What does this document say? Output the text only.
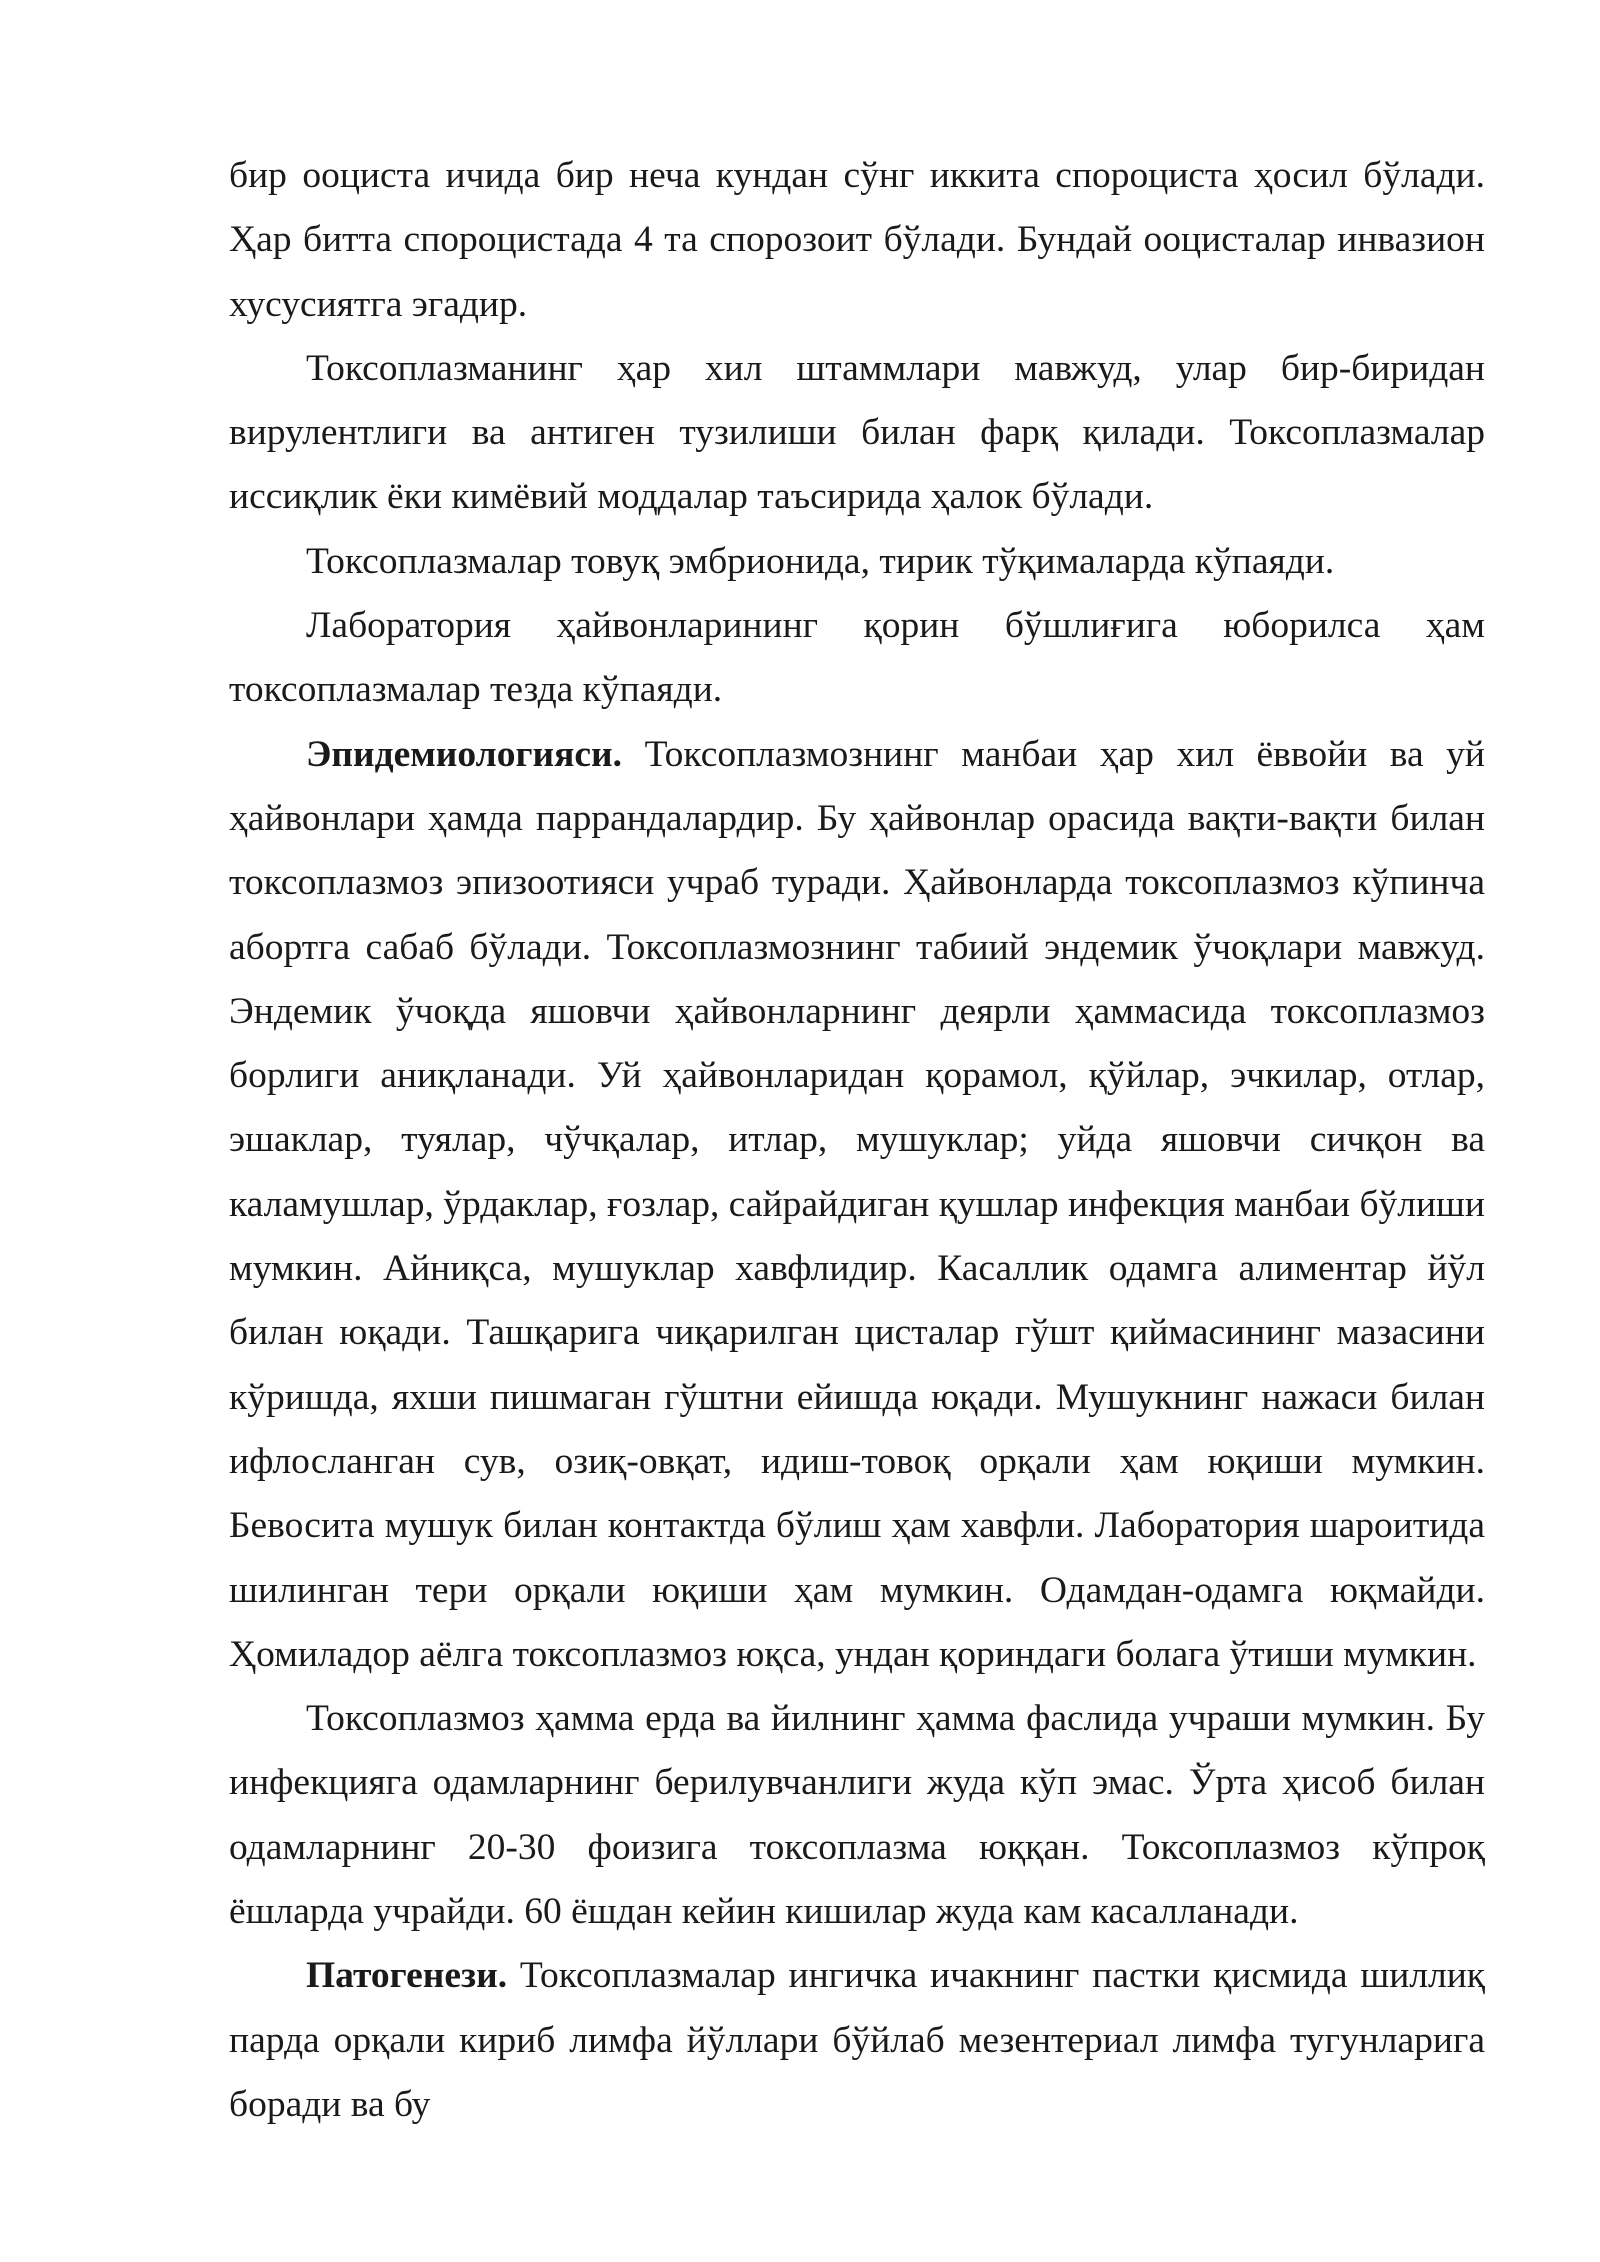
бир ооциста ичида бир неча кундан сўнг иккита спороциста ҳосил бўлади. Ҳар битта спороцистада 4 та спорозоит бўлади. Бундай ооцисталар инвазион хусусиятга эгадир.

Токсоплазманинг ҳар хил штаммлари мавжуд, улар бир-биридан вирулентлиги ва антиген тузилиши билан фарқ қилади. Токсоплазмалар иссиқлик ёки кимёвий моддалар таъсирида ҳалок бўлади.

Токсоплазмалар товуқ эмбрионида, тирик тўқималарда кўпаяди.

Лаборатория ҳайвонларининг қорин бўшлиғига юборилса ҳам токсоплазмалар тезда кўпаяди.

Эпидемиологияси. Токсоплазмознинг манбаи ҳар хил ёввойи ва уй ҳайвонлари ҳамда паррандалардир. Бу ҳайвонлар орасида вақти-вақти билан токсоплазмоз эпизоотияси учраб туради. Ҳайвонларда токсоплазмоз кўпинча абортга сабаб бўлади. Токсоплазмознинг табиий эндемик ўчоқлари мавжуд. Эндемик ўчоқда яшовчи ҳайвонларнинг деярли ҳаммасида токсоплазмоз борлиги аниқланади. Уй ҳайвонларидан қорамол, қўйлар, эчкилар, отлар, эшаклар, туялар, чўчқалар, итлар, мушуклар; уйда яшовчи сичқон ва каламушлар, ўрдаклар, ғозлар, сайрайдиган қушлар инфекция манбаи бўлиши мумкин. Айниқса, мушуклар хавфлидир. Касаллик одамга алиментар йўл билан юқади. Ташқарига чиқарилган цисталар гўшт қиймасининг мазасини кўришда, яхши пишмаган гўштни ейишда юқади. Мушукнинг нажаси билан ифлосланган сув, озиқ-овқат, идиш-товоқ орқали ҳам юқиши мумкин. Бевосита мушук билан контактда бўлиш ҳам хавфли. Лаборатория шароитида шилинган тери орқали юқиши ҳам мумкин. Одамдан-одамга юқмайди. Ҳомиладор аёлга токсоплазмоз юқса, ундан қориндаги болага ўтиши мумкин.

Токсоплазмоз ҳамма ерда ва йилнинг ҳамма фаслида учраши мумкин. Бу инфекцияга одамларнинг берилувчанлиги жуда кўп эмас. Ўрта ҳисоб билан одамларнинг 20-30 фоизига токсоплазма юққан. Токсоплазмоз кўпроқ ёшларда учрайди. 60 ёшдан кейин кишилар жуда кам касалланади.

Патогенези. Токсоплазмалар ингичка ичакнинг пастки қисмида шиллиқ парда орқали кириб лимфа йўллари бўйлаб мезентериал лимфа тугунларига боради ва бу
